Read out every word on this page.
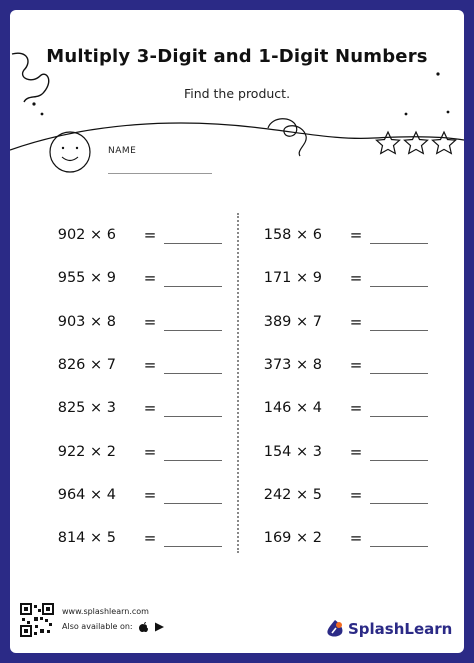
Multiply 3-Digit and 1-Digit Numbers
Find the product.
NAME
902 × 6 =
955 × 9 =
903 × 8 =
826 × 7 =
825 × 3 =
922 × 2 =
964 × 4 =
814 × 5 =
158 × 6 =
171 × 9 =
389 × 7 =
373 × 8 =
146 × 4 =
154 × 3 =
242 × 5 =
169 × 2 =
www.splashlearn.com
Also available on:	SplashLearn
